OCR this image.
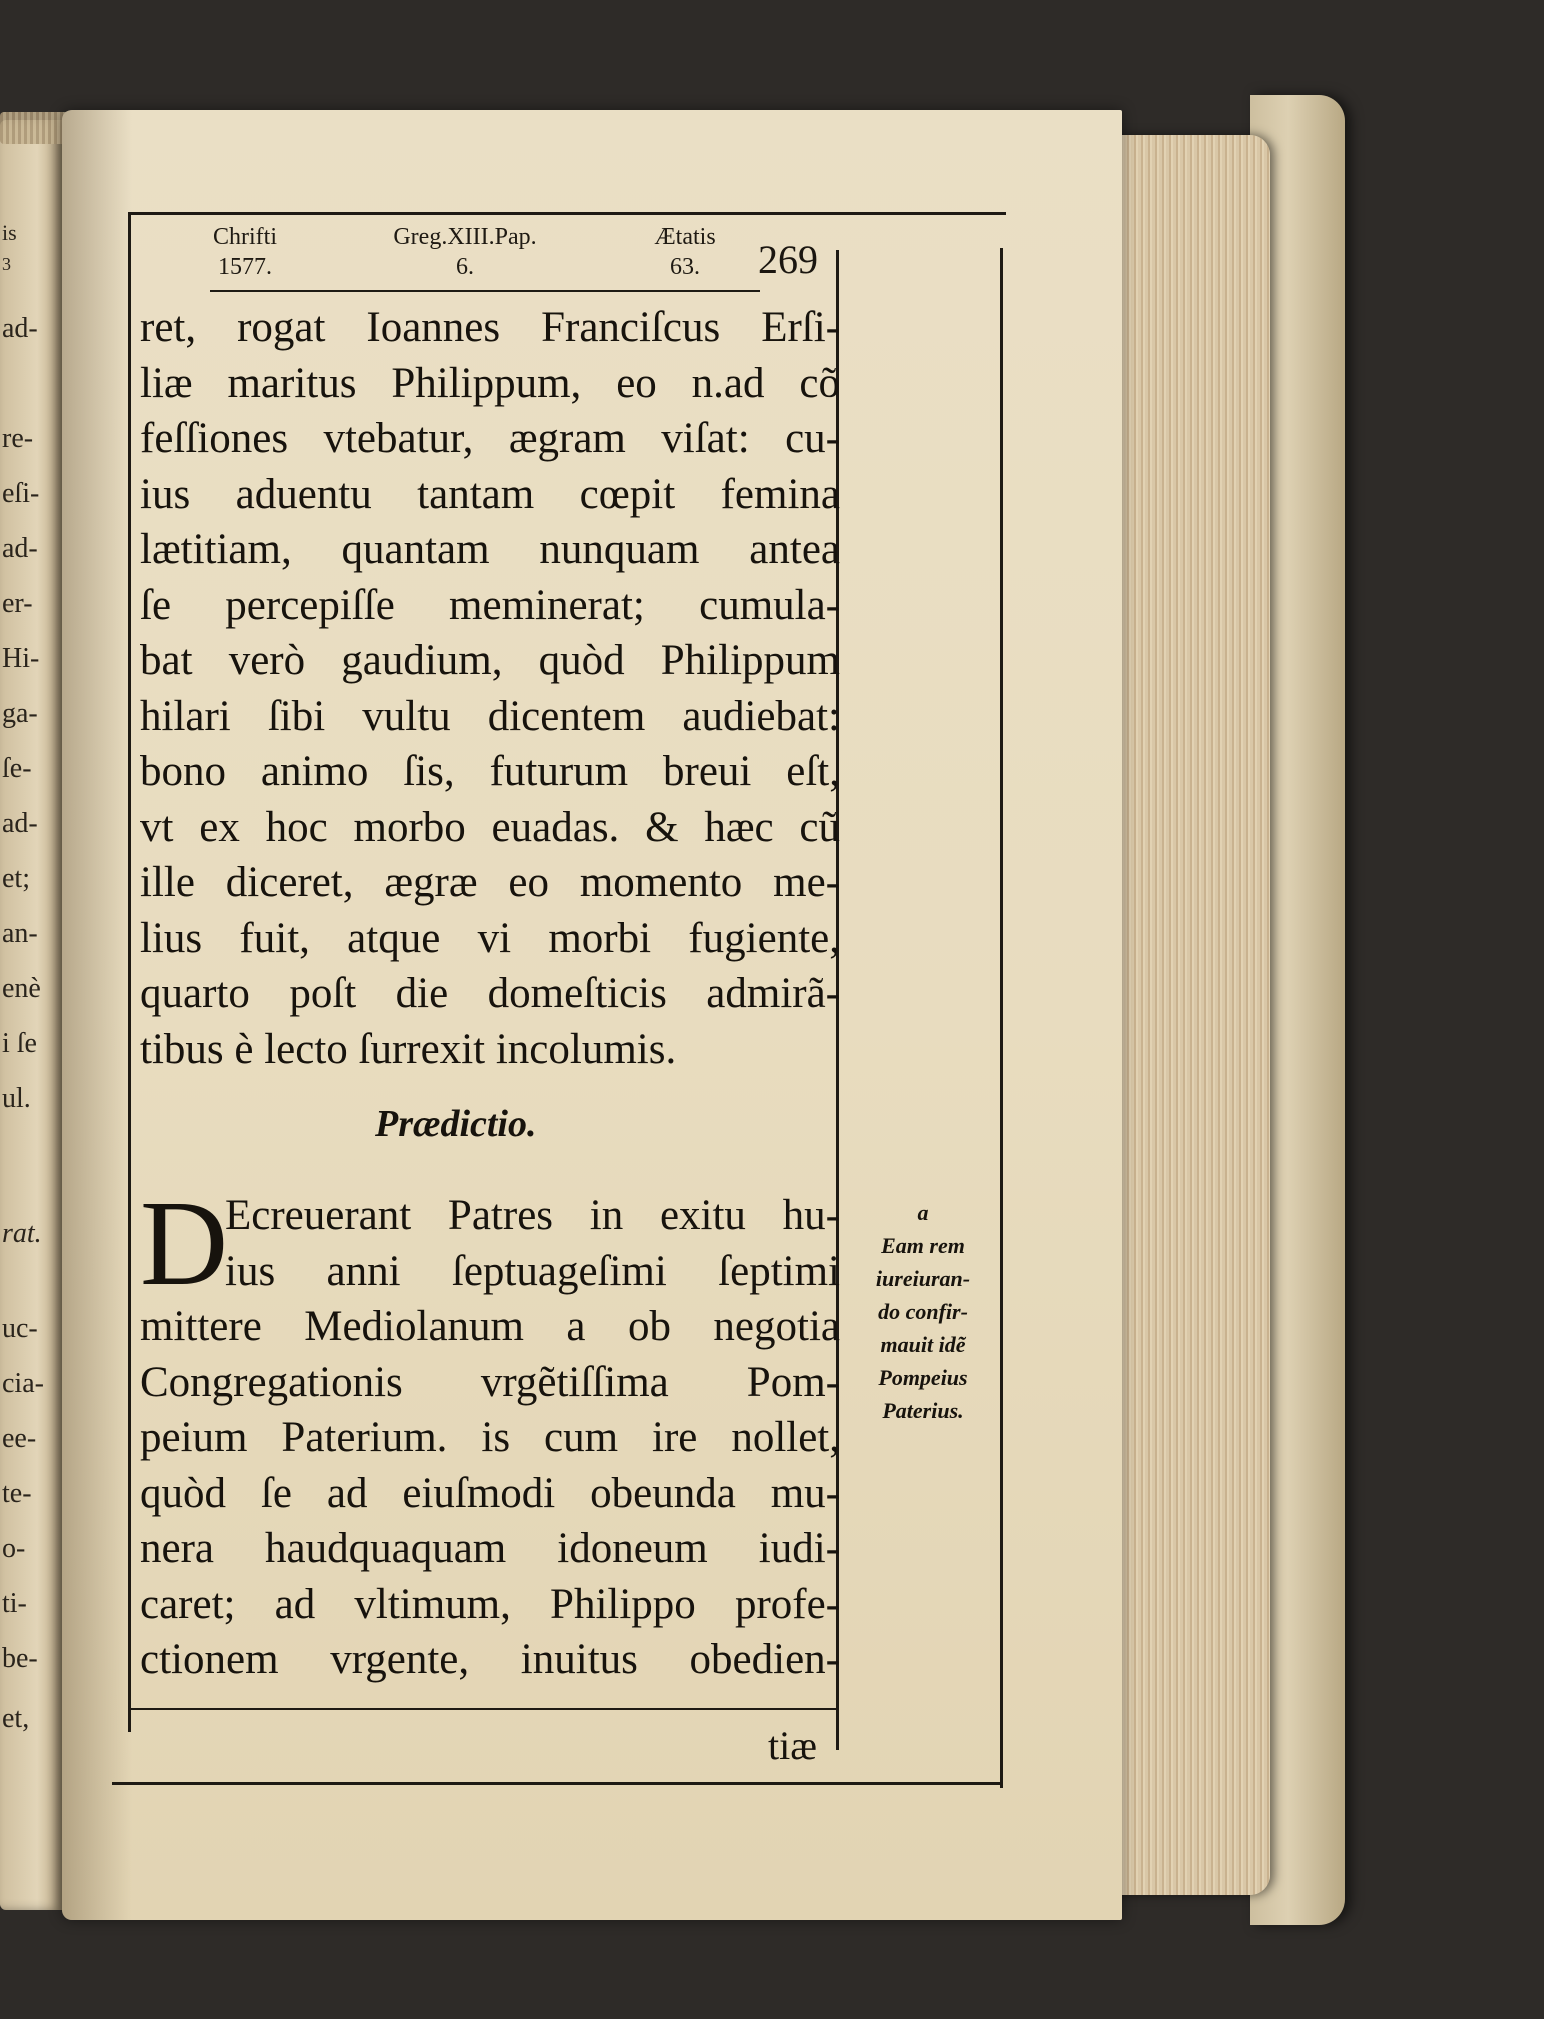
is
3
ad-
re-
eſi-
ad-
er-
Hi-
ga-
ſe-
ad-
et;
an-
enè
i ſe
ul.
rat.
uc-
cia-
ee-
te-
o-
ti-
be-
et,
Chrifti
1577.
Greg.XIII.Pap.
6.
Ætatis
63.	269
ret, rogat Ioannes Franciſcus Erſi-
liæ maritus Philippum, eo n.ad cõ
feſſiones vtebatur, ægram viſat: cu-
ius aduentu tantam cœpit femina
lætitiam, quantam nunquam antea
ſe percepiſſe meminerat; cumula-
bat verò gaudium, quòd Philippum
hilari ſibi vultu dicentem audiebat:
bono animo ſis, futurum breui eſt,
vt ex hoc morbo euadas. & hæc cũ
ille diceret, ægræ eo momento me-
lius fuit, atque vi morbi fugiente,
quarto poſt die domeſticis admirã-
tibus è lecto ſurrexit incolumis.
Prædictio.
D
Ecreuerant Patres in exitu hu-
ius anni ſeptuageſimi ſeptimi
mittere Mediolanum a ob negotia
Congregationis vrgẽtiſſima Pom-
peium Paterium. is cum ire nollet,
quòd ſe ad eiuſmodi obeunda mu-
nera haudquaquam idoneum iudi-
caret; ad vltimum, Philippo profe-
ctionem vrgente, inuitus obedien-
a
Eam rem
iureiuran-
do confir-
mauit idẽ
Pompeius
Paterius.
tiæ
